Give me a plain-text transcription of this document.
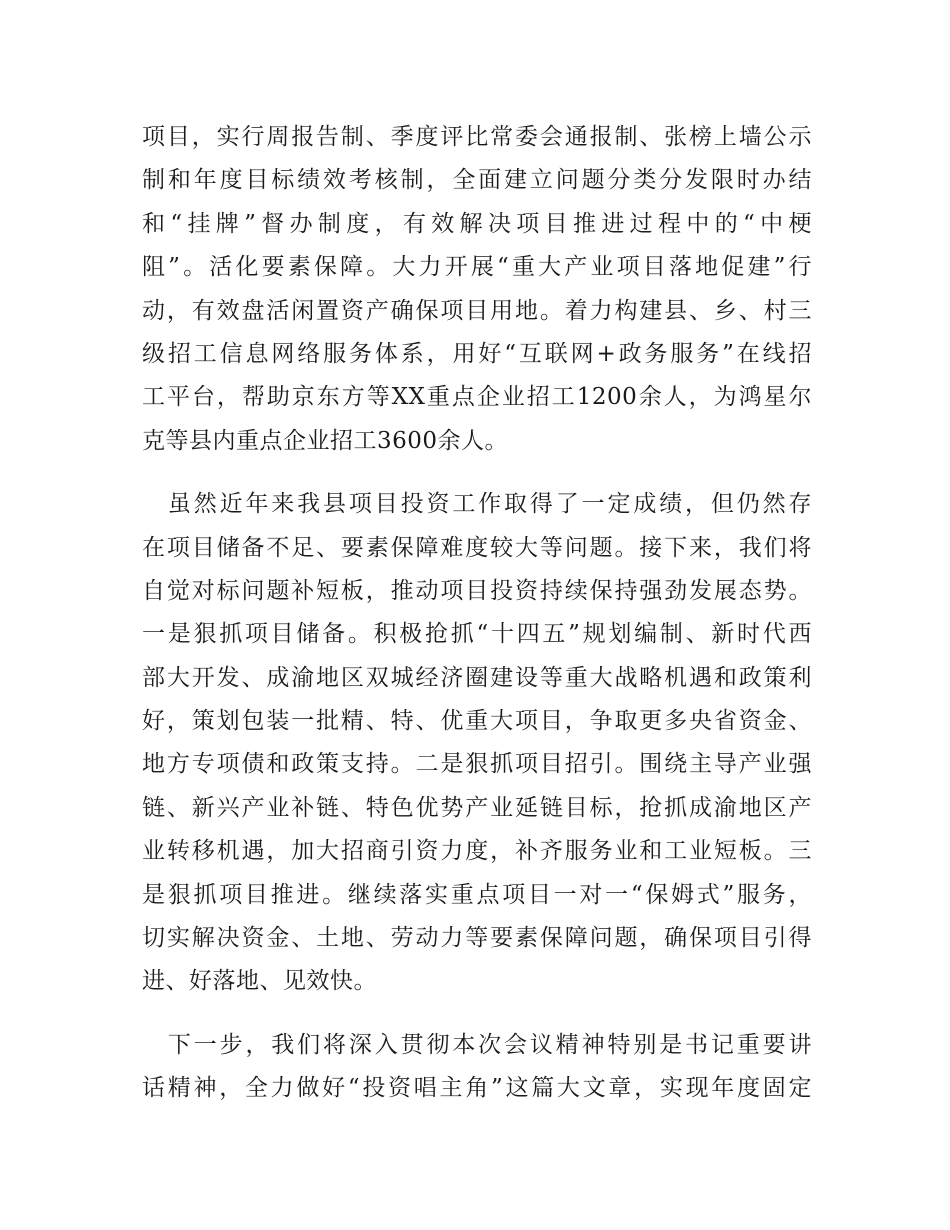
项目，实行周报告制、季度评比常委会通报制、张榜上墙公示
制和年度目标绩效考核制，全面建立问题分类分发限时办结
和“挂牌”督办制度，有效解决项目推进过程中的“中梗
阻”。活化要素保障。大力开展“重大产业项目落地促建”行
动，有效盘活闲置资产确保项目用地。着力构建县、乡、村三
级招工信息网络服务体系，用好“互联网+政务服务”在线招
工平台，帮助京东方等XX重点企业招工1200余人，为鸿星尔
克等县内重点企业招工3600余人。

　虽然近年来我县项目投资工作取得了一定成绩，但仍然存
在项目储备不足、要素保障难度较大等问题。接下来，我们将
自觉对标问题补短板，推动项目投资持续保持强劲发展态势。
一是狠抓项目储备。积极抢抓“十四五”规划编制、新时代西
部大开发、成渝地区双城经济圈建设等重大战略机遇和政策利
好，策划包装一批精、特、优重大项目，争取更多央省资金、
地方专项债和政策支持。二是狠抓项目招引。围绕主导产业强
链、新兴产业补链、特色优势产业延链目标，抢抓成渝地区产
业转移机遇，加大招商引资力度，补齐服务业和工业短板。三
是狠抓项目推进。继续落实重点项目一对一“保姆式”服务，
切实解决资金、土地、劳动力等要素保障问题，确保项目引得
进、好落地、见效快。

　下一步，我们将深入贯彻本次会议精神特别是书记重要讲
话精神，全力做好“投资唱主角”这篇大文章，实现年度固定
